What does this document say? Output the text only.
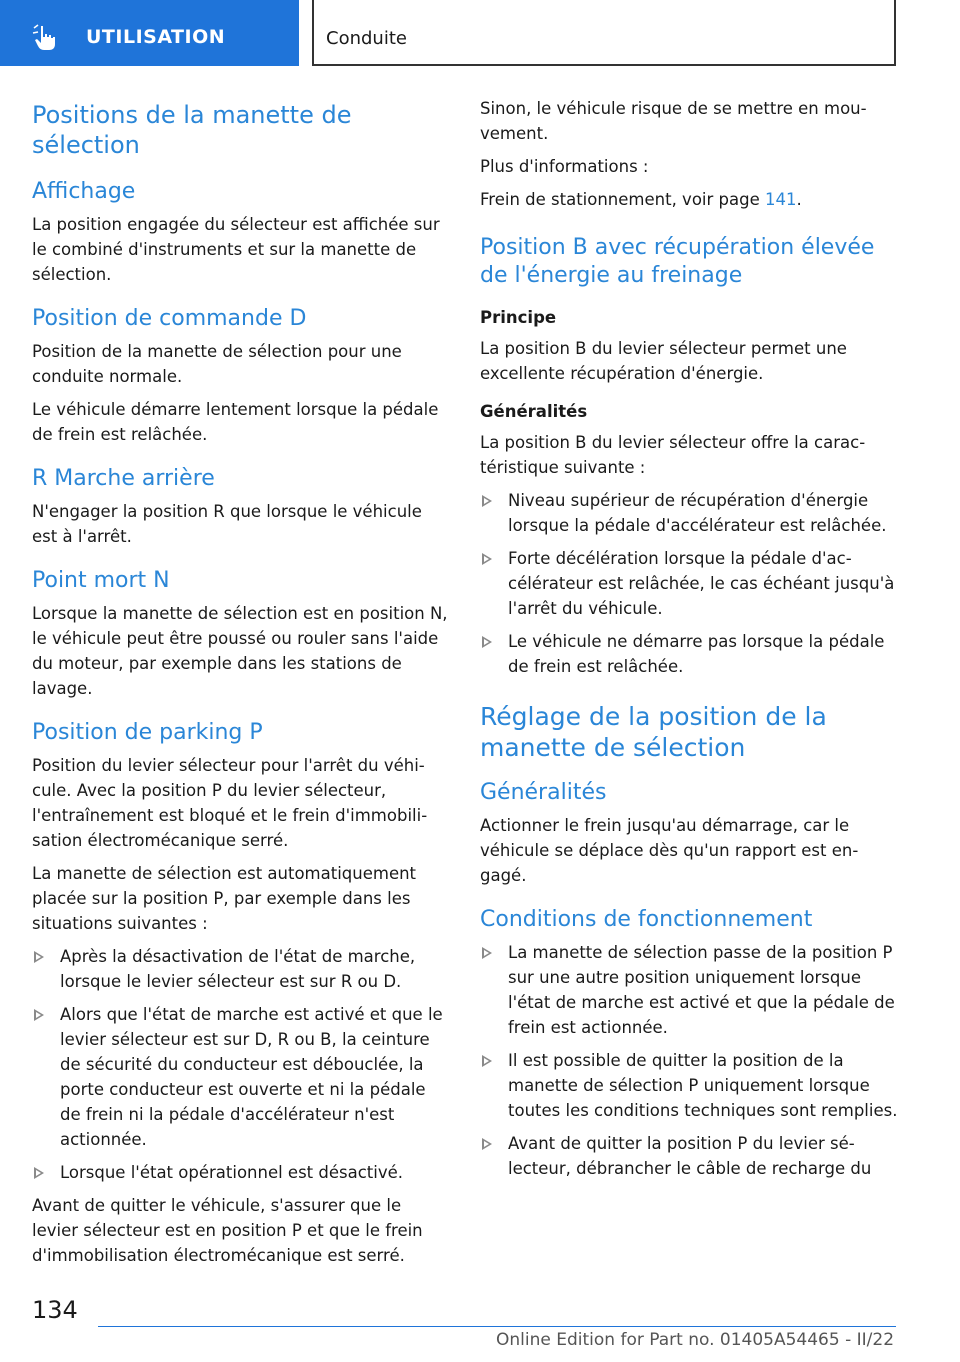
UTILISATION	Conduite
Positions de la manette de sélection
Affichage

La position engagée du sélecteur est affichée sur le combiné d'instruments et sur la manette de sélection.

Position de commande D

Position de la manette de sélection pour une conduite normale.

Le véhicule démarre lentement lorsque la pédale de frein est relâchée.

R Marche arrière

N'engager la position R que lorsque le véhicule est à l'arrêt.

Point mort N

Lorsque la manette de sélection est en position N, le véhicule peut être poussé ou rouler sans l'aide du moteur, par exemple dans les stations de lavage.

Position de parking P

Position du levier sélecteur pour l'arrêt du véhicule. Avec la position P du levier sélecteur, l'entraînement est bloqué et le frein d'immobilisation électromécanique serré.

La manette de sélection est automatiquement placée sur la position P, par exemple dans les situations suivantes :

Après la désactivation de l'état de marche, lorsque le levier sélecteur est sur R ou D.
Alors que l'état de marche est activé et que le levier sélecteur est sur D, R ou B, la ceinture de sécurité du conducteur est débouclée, la porte conducteur est ouverte et ni la pédale de frein ni la pédale d'accélérateur n'est actionnée.
Lorsque l'état opérationnel est désactivé.

Avant de quitter le véhicule, s'assurer que le levier sélecteur est en position P et que le frein d'immobilisation électromécanique est serré.

Sinon, le véhicule risque de se mettre en mouvement.

Plus d'informations :

Frein de stationnement, voir page 141.

Position B avec récupération élevée de l'énergie au freinage
Principe

La position B du levier sélecteur permet une excellente récupération d'énergie.

Généralités

La position B du levier sélecteur offre la caractéristique suivante :

Niveau supérieur de récupération d'énergie lorsque la pédale d'accélérateur est relâchée.
Forte décélération lorsque la pédale d'accélérateur est relâchée, le cas échéant jusqu'à l'arrêt du véhicule.
Le véhicule ne démarre pas lorsque la pédale de frein est relâchée.
Réglage de la position de la manette de sélection
Généralités

Actionner le frein jusqu'au démarrage, car le véhicule se déplace dès qu'un rapport est engagé.

Conditions de fonctionnement
La manette de sélection passe de la position P sur une autre position uniquement lorsque l'état de marche est activé et que la pédale de frein est actionnée.
Il est possible de quitter la position de la manette de sélection P uniquement lorsque toutes les conditions techniques sont remplies.
Avant de quitter la position P du levier sélecteur, débrancher le câble de recharge du
134
Online Edition for Part no. 01405A54465 - II/22
